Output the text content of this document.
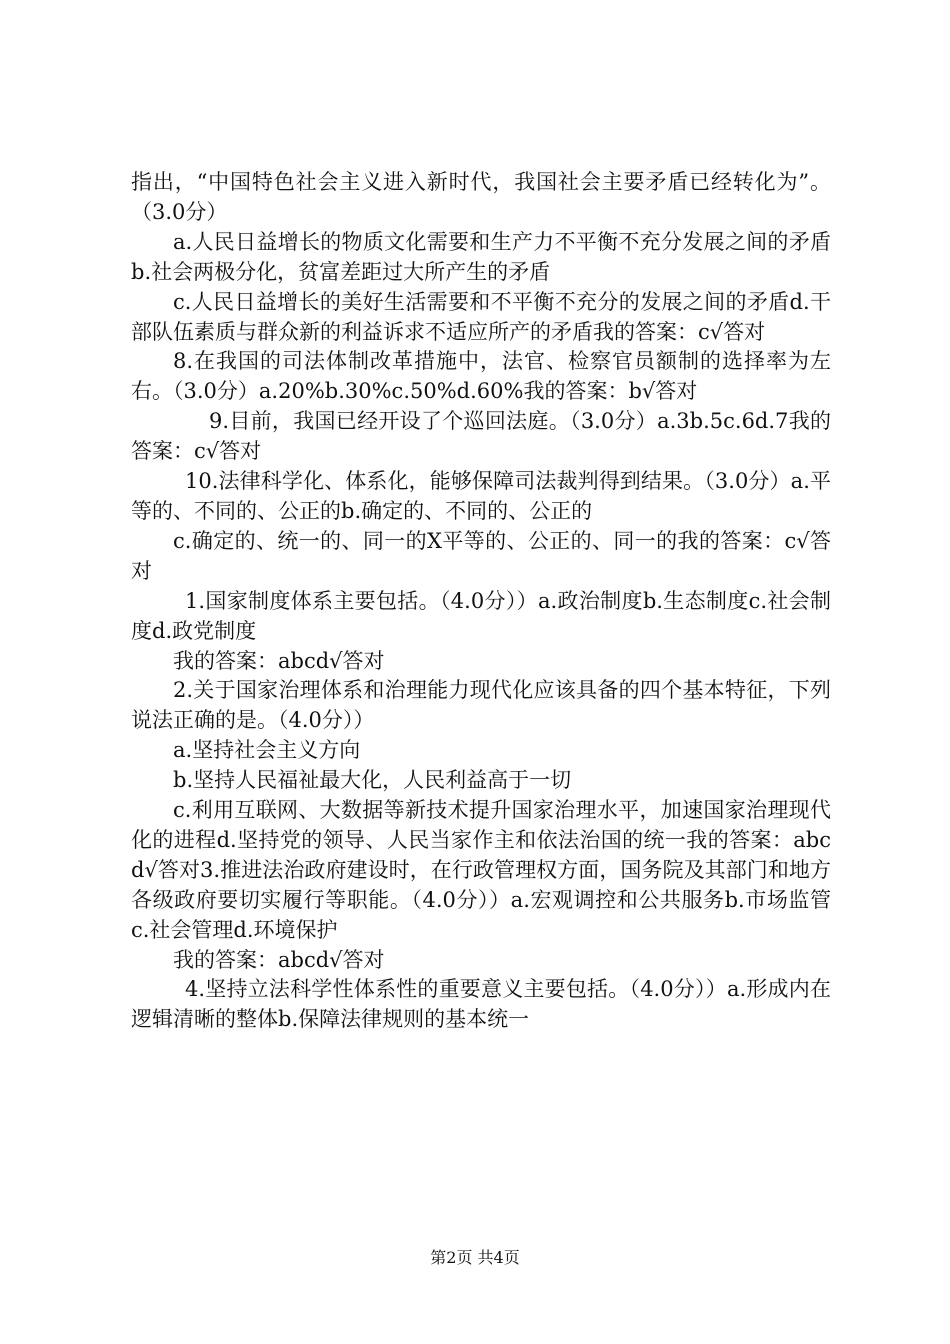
指出，“中国特色社会主义进入新时代，我国社会主要矛盾已经转化为”。（3.0分）

a.人民日益增长的物质文化需要和生产力不平衡不充分发展之间的矛盾b.社会两极分化，贫富差距过大所产生的矛盾

c.人民日益增长的美好生活需要和不平衡不充分的发展之间的矛盾d.干部队伍素质与群众新的利益诉求不适应所产的矛盾我的答案：c√答对

8.在我国的司法体制改革措施中，法官、检察官员额制的选择率为左右。（3.0分）a.20%b.30%c.50%d.60%我的答案：b√答对

9.目前，我国已经开设了个巡回法庭。（3.0分）a.3b.5c.6d.7我的答案：c√答对

10.法律科学化、体系化，能够保障司法裁判得到结果。（3.0分）a.平等的、不同的、公正的b.确定的、不同的、公正的

c.确定的、统一的、同一的X平等的、公正的、同一的我的答案：c√答对

1.国家制度体系主要包括。（4.0分））a.政治制度b.生态制度c.社会制度d.政党制度

我的答案：abcd√答对

2.关于国家治理体系和治理能力现代化应该具备的四个基本特征，下列说法正确的是。（4.0分））

a.坚持社会主义方向

b.坚持人民福祉最大化，人民利益高于一切

c.利用互联网、大数据等新技术提升国家治理水平，加速国家治理现代化的进程d.坚持党的领导、人民当家作主和依法治国的统一我的答案：abcd√答对3.推进法治政府建设时，在行政管理权方面，国务院及其部门和地方各级政府要切实履行等职能。（4.0分））a.宏观调控和公共服务b.市场监管c.社会管理d.环境保护

我的答案：abcd√答对

4.坚持立法科学性体系性的重要意义主要包括。（4.0分））a.形成内在逻辑清晰的整体b.保障法律规则的基本统一

第2页 共4页
